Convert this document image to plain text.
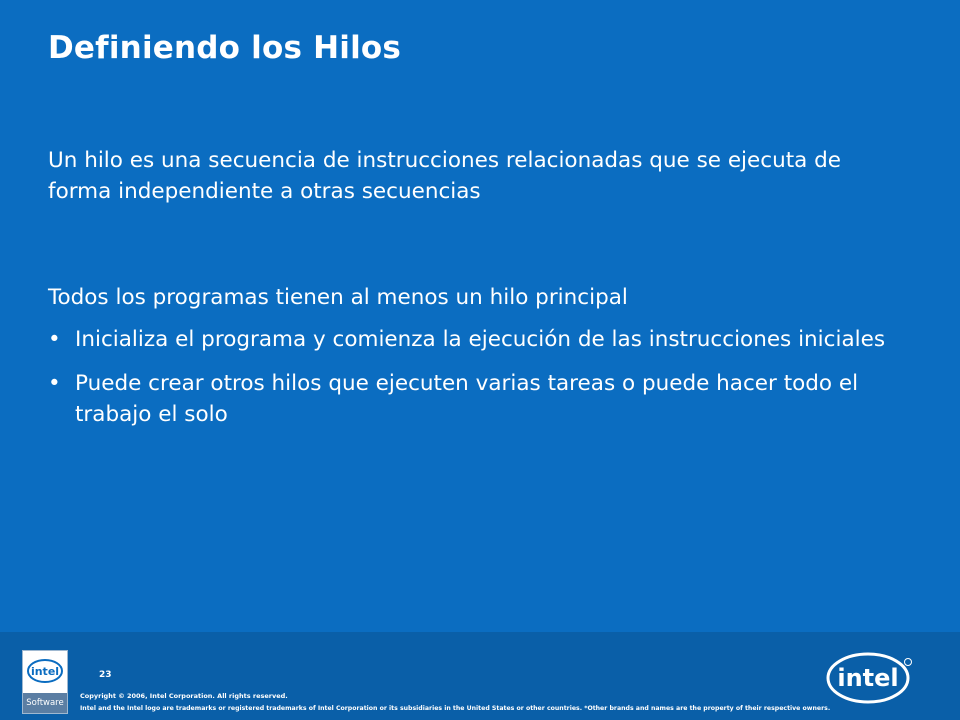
Definiendo los Hilos

Un hilo es una secuencia de instrucciones relacionadas que se ejecuta de forma independiente a otras secuencias

Todos los programas tienen al menos un hilo principal

• Inicializa el programa y comienza la ejecución de las instrucciones iniciales
• Puede crear otros hilos que ejecuten varias tareas o puede hacer todo el trabajo el solo
intel
Software
23
Copyright © 2006, Intel Corporation. All rights reserved.
Intel and the Intel logo are trademarks or registered trademarks of Intel Corporation or its subsidiaries in the United States or other countries. *Other brands and names are the property of their respective owners.
intel
